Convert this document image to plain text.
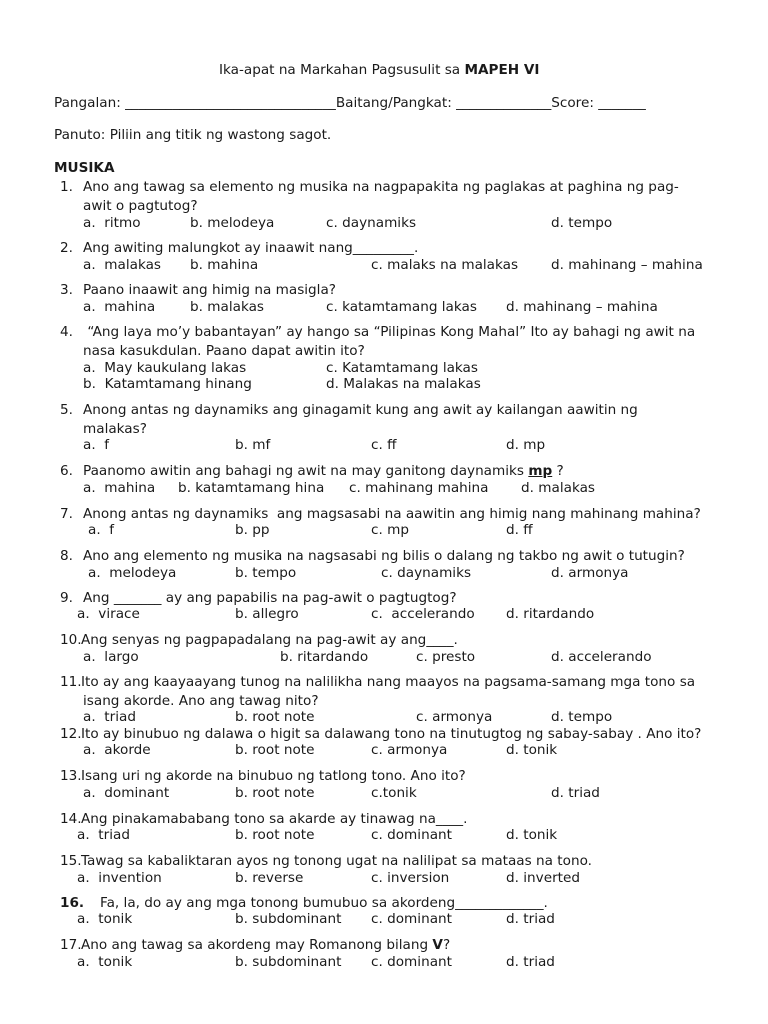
Ika-apat na Markahan Pagsusulit sa MAPEH VI
Pangalan: _______________________________Baitang/Pangkat: ______________Score: _______
Panuto: Piliin ang titik ng wastong sagot.
MUSIKA
1. Ano ang tawag sa elemento ng musika na nagpapakita ng paglakas at paghina ng pag-
awit o pagtutog?
a.  ritmo	b. melodeya	c. daynamiks	d. tempo
2. Ang awiting malungkot ay inaawit nang_________.
a.  malakas b. mahina	c. malaks na malakas d. mahinang – mahina
3. Paano inaawit ang himig na masigla?
a.  mahina	b. malakas	c. katamtamang lakas d. mahinang – mahina
4. “Ang laya mo’y babantayan” ay hango sa “Pilipinas Kong Mahal” Ito ay bahagi ng awit na
nasa kasukdulan. Paano dapat awitin ito?
a.  May kaukulang lakas	c. Katamtamang lakas
b.  Katamtamang hinang	d. Malakas na malakas
5. Anong antas ng daynamiks ang ginagamit kung ang awit ay kailangan aawitin ng
malakas?
a.  f	b. mf	c. ff	d. mp
6. Paanomo awitin ang bahagi ng awit na may ganitong daynamiks mp ?
a.  mahina b. katamtamang hina c. mahinang mahina d. malakas
7. Anong antas ng daynamiks  ang magsasabi na aawitin ang himig nang mahinang mahina?
a.  f	b. pp	c. mp	d. ff
8. Ano ang elemento ng musika na nagsasabi ng bilis o dalang ng takbo ng awit o tutugin?
a.  melodeya	b. tempo	c. daynamiks	d. armonya
9. Ang _______ ay ang papabilis na pag-awit o pagtugtog?
a.  virace	b. allegro	c.  accelerando d. ritardando
10. Ang senyas ng pagpapadalang na pag-awit ay ang____.
a.  largo	b. ritardando	c. presto	d. accelerando
11. Ito ay ang kaayaayang tunog na nalilikha nang maayos na pagsama-samang mga tono sa
isang akorde. Ano ang tawag nito?
a.  triad	b. root note	c. armonya	d. tempo
12. Ito ay binubuo ng dalawa o higit sa dalawang tono na tinutugtog ng sabay-sabay . Ano ito?
a.  akorde	b. root note	c. armonya	d. tonik
13. Isang uri ng akorde na binubuo ng tatlong tono. Ano ito?
a.  dominant	b. root note	c.tonik	d. triad
14. Ang pinakamababang tono sa akarde ay tinawag na____.
a.  triad	b. root note	c. dominant	d. tonik
15. Tawag sa kabaliktaran ayos ng tonong ugat na nalilipat sa mataas na tono.
a.  invention	b. reverse	c. inversion	d. inverted
16. Fa, la, do ay ang mga tonong bumubuo sa akordeng_____________.
a.  tonik	b. subdominant c. dominant	d. triad
17. Ano ang tawag sa akordeng may Romanong bilang V?
a.  tonik	b. subdominant c. dominant	d. triad
